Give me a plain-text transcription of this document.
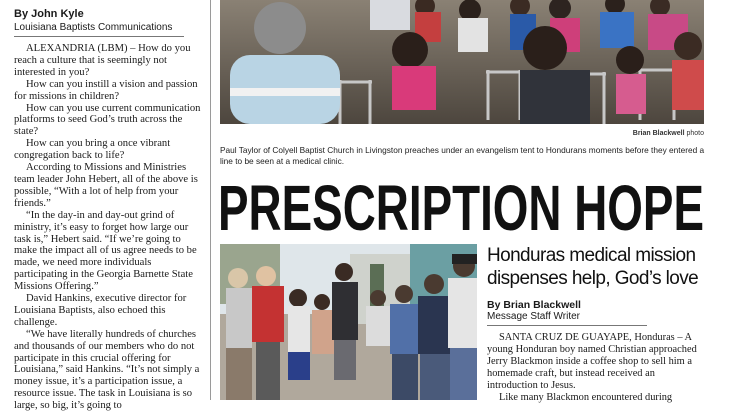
By John Kyle
Louisiana Baptists Communications

ALEXANDRIA (LBM) – How do you reach a culture that is seemingly not interested in you?

How can you instill a vision and passion for missions in children?

How can you use current communication platforms to seed God’s truth across the state?

How can you bring a once vibrant congregation back to life?

According to Missions and Ministries team leader John Hebert, all of the above is possible, “With a lot of help from your friends.”

“In the day-in and day-out grind of ministry, it’s easy to forget how large our task is,” Hebert said. “If we’re going to make the impact all of us agree needs to be made, we need more individuals participating in the Georgia Barnette State Missions Offering.”

David Hankins, executive director for Louisiana Baptists, also echoed this challenge.

“We have literally hundreds of churches and thousands of our members who do not participate in this crucial offering for Louisiana,” said Hankins. “It’s not simply a money issue, it’s a participation issue, a resource issue. The task in Louisiana is so large, so big, it’s going to

Brian Blackwell photo
Paul Taylor of Colyell Baptist Church in Livingston preaches under an evangelism tent to Hondurans moments before they entered a line to be seen at a medical clinic.
PRESCRIPTION HOPE
Honduras medical mission
dispenses help, God’s love
By Brian Blackwell
Message Staff Writer

SANTA CRUZ DE GUAYAPE, Honduras – A young Honduran boy named Christian approached Jerry Blackmon inside a coffee shop to sell him a homemade craft, but instead received an introduction to Jesus.

Like many Blackmon encountered during
